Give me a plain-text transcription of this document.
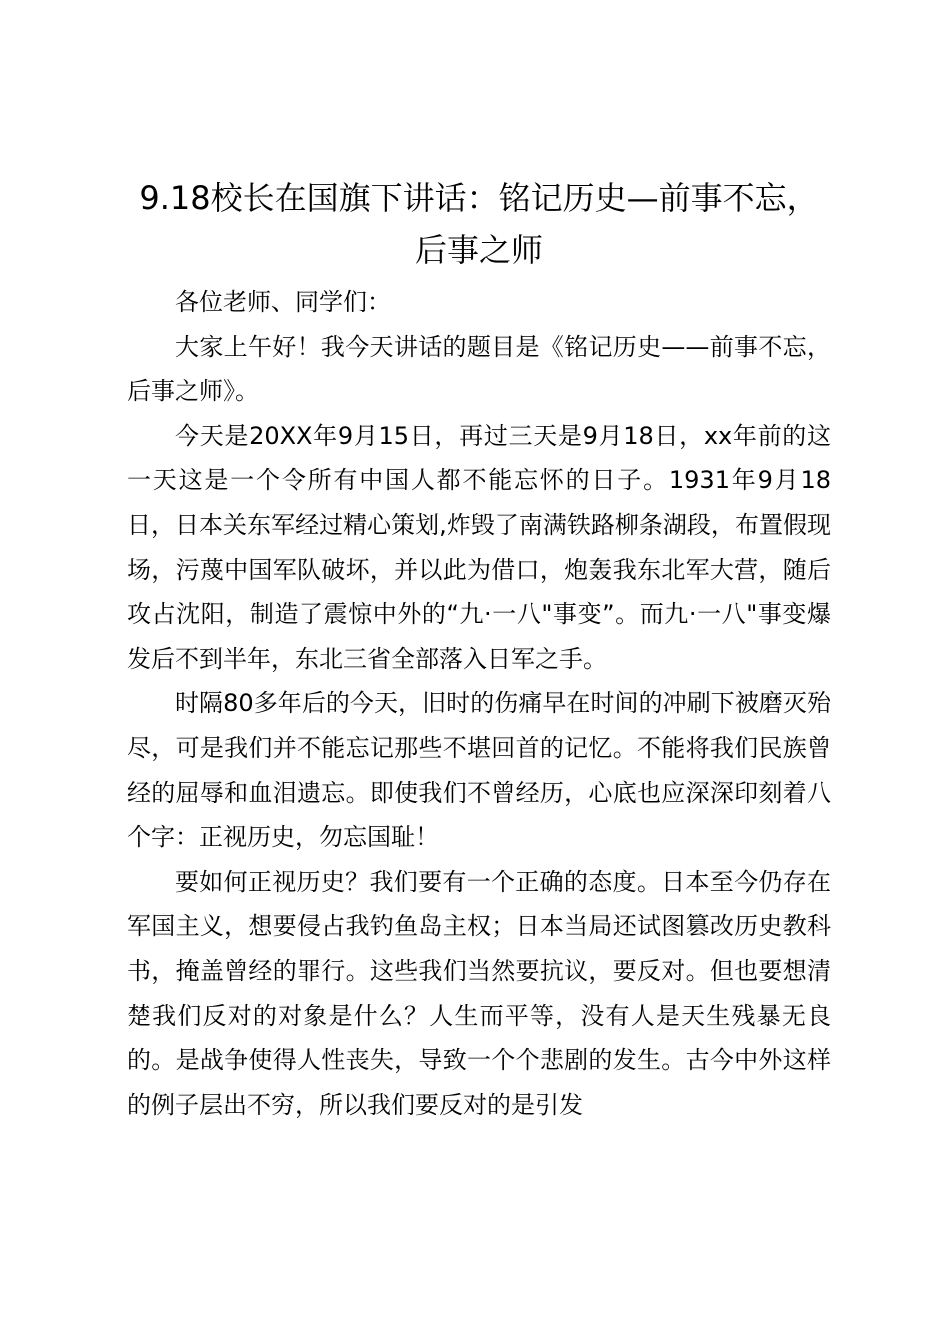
9.18校长在国旗下讲话：铭记历史—前事不忘，后事之师

各位老师、同学们：

大家上午好！我今天讲话的题目是《铭记历史——前事不忘，后事之师》。

今天是20XX年9月15日，再过三天是9月18日，xx年前的这一天这是一个令所有中国人都不能忘怀的日子。1931年9月18日，日本关东军经过精心策划,炸毁了南满铁路柳条湖段，布置假现场，污蔑中国军队破坏，并以此为借口，炮轰我东北军大营，随后攻占沈阳，制造了震惊中外的“九·一八"事变”。而九·一八"事变爆发后不到半年，东北三省全部落入日军之手。

时隔80多年后的今天，旧时的伤痛早在时间的冲刷下被磨灭殆尽，可是我们并不能忘记那些不堪回首的记忆。不能将我们民族曾经的屈辱和血泪遗忘。即使我们不曾经历，心底也应深深印刻着八个字：正视历史，勿忘国耻！

要如何正视历史？我们要有一个正确的态度。日本至今仍存在军国主义，想要侵占我钓鱼岛主权；日本当局还试图篡改历史教科书，掩盖曾经的罪行。这些我们当然要抗议，要反对。但也要想清楚我们反对的对象是什么？人生而平等，没有人是天生残暴无良的。是战争使得人性丧失，导致一个个悲剧的发生。古今中外这样的例子层出不穷，所以我们要反对的是引发
